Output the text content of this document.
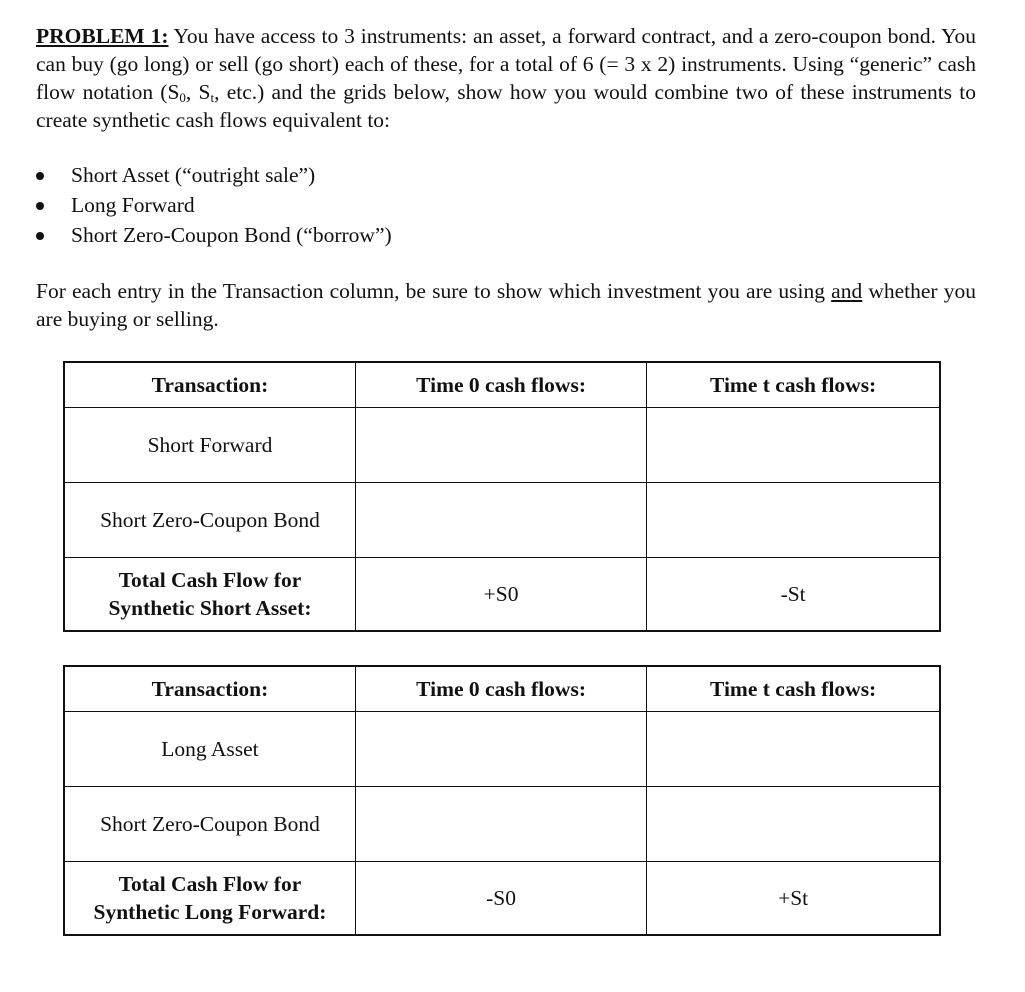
PROBLEM 1: You have access to 3 instruments: an asset, a forward contract, and a zero-coupon bond. You can buy (go long) or sell (go short) each of these, for a total of 6 (= 3 x 2) instruments. Using “generic” cash flow notation ($S_0$, $S_t$, etc.) and the grids below, show how you would combine two of these instruments to create synthetic cash flows equivalent to:

Short Asset (“outright sale”)
Long Forward
Short Zero-Coupon Bond (“borrow”)

For each entry in the Transaction column, be sure to show which investment you are using and whether you are buying or selling.

Transaction:	Time 0 cash flows:	Time t cash flows:
Short Forward		
Short Zero-Coupon Bond		
Total Cash Flow for
Synthetic Short Asset:	+S0	-St
Transaction:	Time 0 cash flows:	Time t cash flows:
Long Asset		
Short Zero-Coupon Bond		
Total Cash Flow for
Synthetic Long Forward:	-S0	+St
